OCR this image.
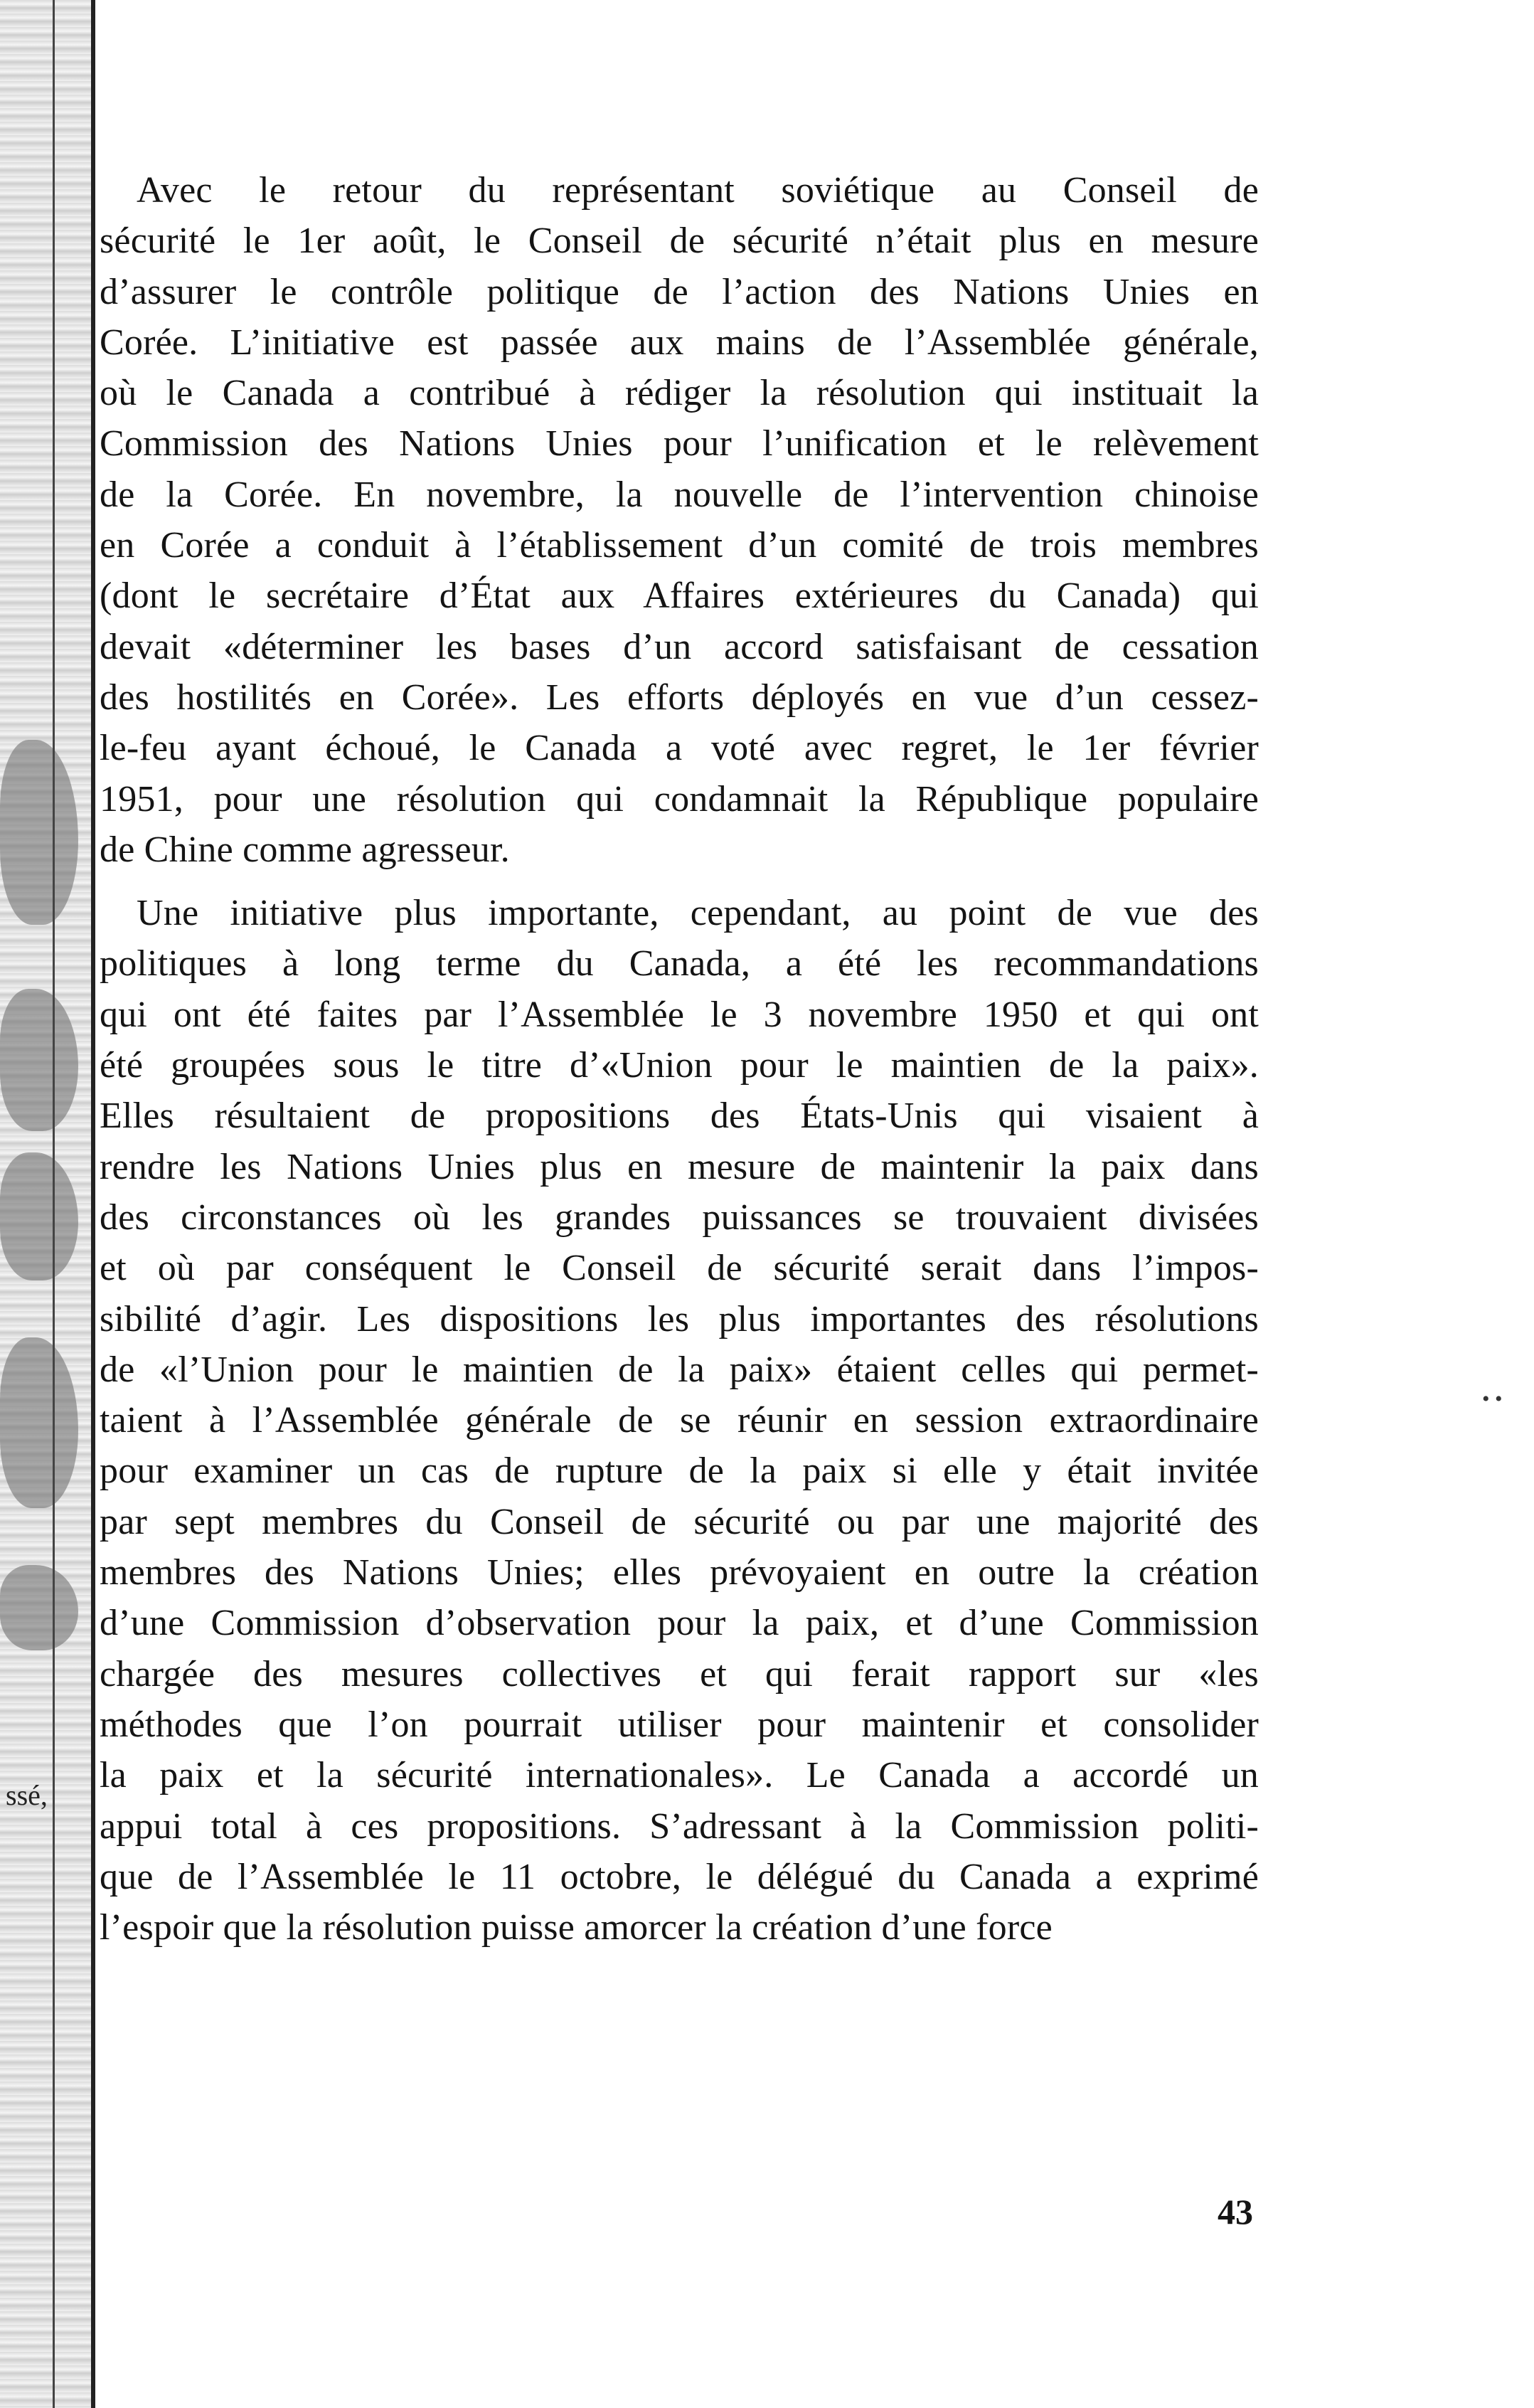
ssé,
Avec le retour du représentant soviétique au Conseil de
sécurité le 1er août, le Conseil de sécurité n’était plus en mesure
d’assurer le contrôle politique de l’action des Nations Unies en
Corée. L’initiative est passée aux mains de l’Assemblée générale,
où le Canada a contribué à rédiger la résolution qui instituait la
Commission des Nations Unies pour l’unification et le relèvement
de la Corée. En novembre, la nouvelle de l’intervention chinoise
en Corée a conduit à l’établissement d’un comité de trois membres
(dont le secrétaire d’État aux Affaires extérieures du Canada) qui
devait «déterminer les bases d’un accord satisfaisant de cessation
des hostilités en Corée». Les efforts déployés en vue d’un cessez-
le-feu ayant échoué, le Canada a voté avec regret, le 1er février
1951, pour une résolution qui condamnait la République populaire
de Chine comme agresseur.
Une initiative plus importante, cependant, au point de vue des
politiques à long terme du Canada, a été les recommandations
qui ont été faites par l’Assemblée le 3 novembre 1950 et qui ont
été groupées sous le titre d’«Union pour le maintien de la paix».
Elles résultaient de propositions des États-Unis qui visaient à
rendre les Nations Unies plus en mesure de maintenir la paix dans
des circonstances où les grandes puissances se trouvaient divisées
et où par conséquent le Conseil de sécurité serait dans l’impos-
sibilité d’agir. Les dispositions les plus importantes des résolutions
de «l’Union pour le maintien de la paix» étaient celles qui permet-
taient à l’Assemblée générale de se réunir en session extraordinaire
pour examiner un cas de rupture de la paix si elle y était invitée
par sept membres du Conseil de sécurité ou par une majorité des
membres des Nations Unies; elles prévoyaient en outre la création
d’une Commission d’observation pour la paix, et d’une Commission
chargée des mesures collectives et qui ferait rapport sur «les
méthodes que l’on pourrait utiliser pour maintenir et consolider
la paix et la sécurité internationales». Le Canada a accordé un
appui total à ces propositions. S’adressant à la Commission politi-
que de l’Assemblée le 11 octobre, le délégué du Canada a exprimé
l’espoir que la résolution puisse amorcer la création d’une force
• •
43
